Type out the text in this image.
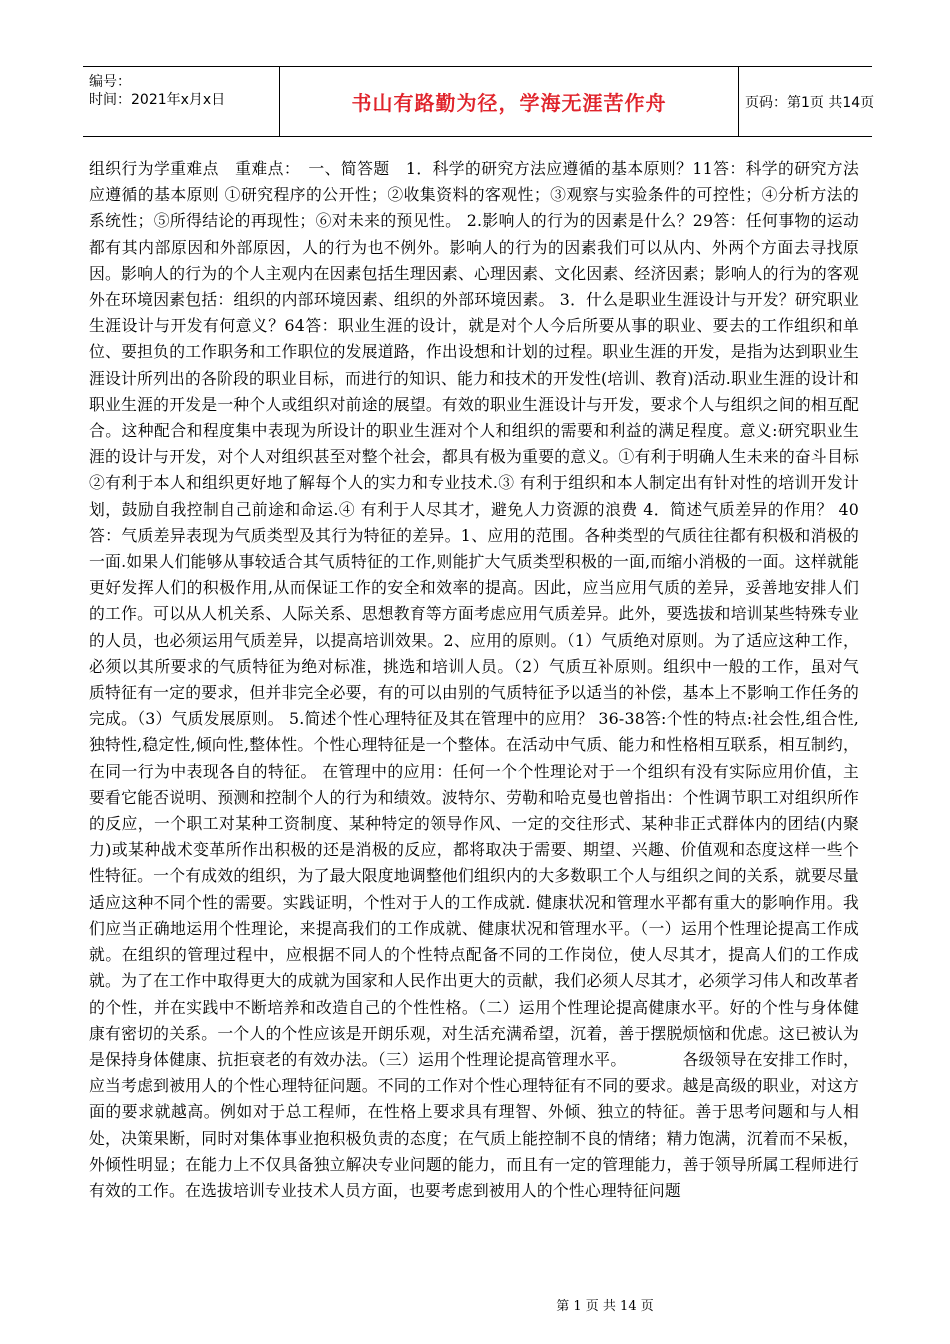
编号：
时间：2021年x月x日	书山有路勤为径，学海无涯苦作舟	页码：第1页 共14页
组织行为学重难点　重难点：　一、简答题　1．科学的研究方法应遵循的基本原则？11答：科学的研究方法应遵循的基本原则 ①研究程序的公开性；②收集资料的客观性；③观察与实验条件的可控性；④分析方法的系统性；⑤所得结论的再现性；⑥对未来的预见性。 2.影响人的行为的因素是什么？29答：任何事物的运动都有其内部原因和外部原因，人的行为也不例外。影响人的行为的因素我们可以从内、外两个方面去寻找原因。影响人的行为的个人主观内在因素包括生理因素、心理因素、文化因素、经济因素；影响人的行为的客观外在环境因素包括：组织的内部环境因素、组织的外部环境因素。 3．什么是职业生涯设计与开发？研究职业生涯设计与开发有何意义？64答：职业生涯的设计，就是对个人今后所要从事的职业、要去的工作组织和单位、要担负的工作职务和工作职位的发展道路，作出设想和计划的过程。职业生涯的开发，是指为达到职业生涯设计所列出的各阶段的职业目标，而进行的知识、能力和技术的开发性(培训、教育)活动.职业生涯的设计和职业生涯的开发是一种个人或组织对前途的展望。有效的职业生涯设计与开发，要求个人与组织之间的相互配合。这种配合和程度集中表现为所设计的职业生涯对个人和组织的需要和利益的满足程度。意义:研究职业生涯的设计与开发，对个人对组织甚至对整个社会，都具有极为重要的意义。①有利于明确人生未来的奋斗目标②有利于本人和组织更好地了解每个人的实力和专业技术.③ 有利于组织和本人制定出有针对性的培训开发计划，鼓励自我控制自己前途和命运.④ 有利于人尽其才，避免人力资源的浪费 4．简述气质差异的作用？ 40答：气质差异表现为气质类型及其行为特征的差异。1、应用的范围。各种类型的气质往往都有积极和消极的一面.如果人们能够从事较适合其气质特征的工作,则能扩大气质类型积极的一面,而缩小消极的一面。这样就能更好发挥人们的积极作用,从而保证工作的安全和效率的提高。因此，应当应用气质的差异，妥善地安排人们的工作。可以从人机关系、人际关系、思想教育等方面考虑应用气质差异。此外，要选拔和培训某些特殊专业的人员，也必须运用气质差异，以提高培训效果。2、应用的原则。（1）气质绝对原则。为了适应这种工作，必须以其所要求的气质特征为绝对标准，挑选和培训人员。（2）气质互补原则。组织中一般的工作，虽对气质特征有一定的要求，但并非完全必要，有的可以由别的气质特征予以适当的补偿，基本上不影响工作任务的完成。（3）气质发展原则。 5.简述个性心理特征及其在管理中的应用？ 36-38答:个性的特点:社会性,组合性,独特性,稳定性,倾向性,整体性。个性心理特征是一个整体。在活动中气质、能力和性格相互联系，相互制约，在同一行为中表现各自的特征。 在管理中的应用：任何一个个性理论对于一个组织有没有实际应用价值，主要看它能否说明、预测和控制个人的行为和绩效。波特尔、劳勒和哈克曼也曾指出：个性调节职工对组织所作的反应，一个职工对某种工资制度、某种特定的领导作风、一定的交往形式、某种非正式群体内的团结(内聚力)或某种战术变革所作出积极的还是消极的反应，都将取决于需要、期望、兴趣、价值观和态度这样一些个性特征。一个有成效的组织，为了最大限度地调整他们组织内的大多数职工个人与组织之间的关系，就要尽量适应这种不同个性的需要。实践证明，个性对于人的工作成就. 健康状况和管理水平都有重大的影响作用。我们应当正确地运用个性理论，来提高我们的工作成就、健康状况和管理水平。（一）运用个性理论提高工作成就。在组织的管理过程中，应根据不同人的个性特点配备不同的工作岗位，使人尽其才，提高人们的工作成就。为了在工作中取得更大的成就为国家和人民作出更大的贡献，我们必须人尽其才，必须学习伟人和改革者的个性，并在实践中不断培养和改造自己的个性性格。（二）运用个性理论提高健康水平。好的个性与身体健康有密切的关系。一个人的个性应该是开朗乐观，对生活充满希望，沉着，善于摆脱烦恼和优虑。这已被认为是保持身体健康、抗拒衰老的有效办法。（三）运用个性理论提高管理水平。　　　　各级领导在安排工作时，应当考虑到被用人的个性心理特征问题。不同的工作对个性心理特征有不同的要求。越是高级的职业，对这方面的要求就越高。例如对于总工程师，在性格上要求具有理智、外倾、独立的特征。善于思考问题和与人相处，决策果断，同时对集体事业抱积极负责的态度；在气质上能控制不良的情绪；精力饱满，沉着而不呆板，外倾性明显；在能力上不仅具备独立解决专业问题的能力，而且有一定的管理能力，善于领导所属工程师进行有效的工作。在选拔培训专业技术人员方面，也要考虑到被用人的个性心理特征问题
第 1 页 共 14 页
